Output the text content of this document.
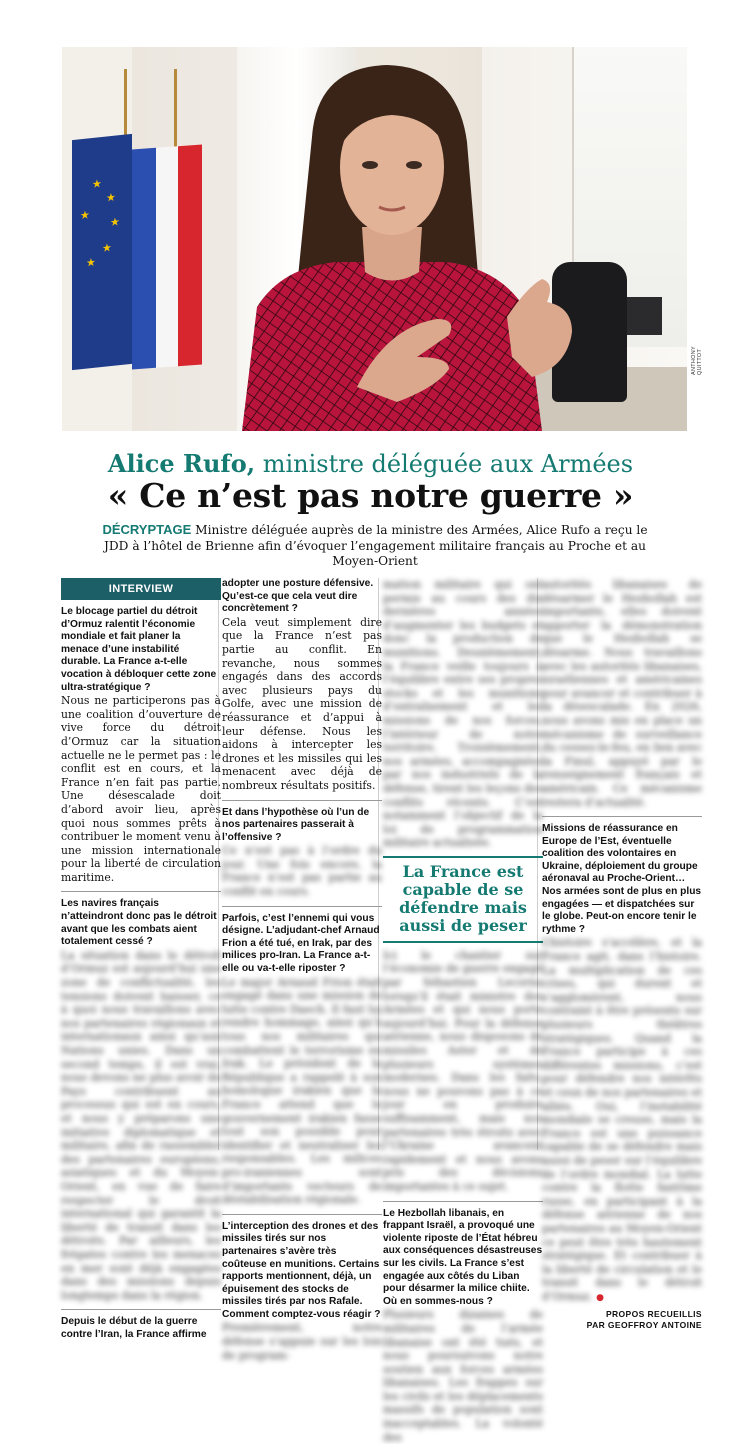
★
★
★
★
★
★
ANTHONY QUITTOT
Alice Rufo, ministre déléguée aux Armées
« Ce n’est pas notre guerre »
DÉCRYPTAGE Ministre déléguée auprès de la ministre des Armées, Alice Rufo a reçu le JDD à l’hôtel de Brienne afin d’évoquer l’engagement militaire français au Proche et au Moyen-Orient
INTERVIEW

Le blocage partiel du détroit d’Ormuz ralentit l’économie mondiale et fait planer la menace d’une instabilité durable. La France a-t-elle vocation à débloquer cette zone ultra-stratégique ?

Nous ne participerons pas à une coalition d’ouverture de vive force du détroit d’Ormuz car la situation actuelle ne le permet pas : le conflit est en cours, et la France n’en fait pas partie. Une désescalade doit d’abord avoir lieu, après quoi nous sommes prêts à contribuer le moment venu à une mission internationale pour la liberté de circulation maritime.

Les navires français n’atteindront donc pas le détroit avant que les combats aient totalement cessé ?

La situation dans le détroit d’Ormuz est aujourd’hui une zone de conflictualité, les tensions doivent baisser, ce à quoi nous travaillons avec nos partenaires régionaux et internationaux ainsi qu’aux Nations unies. Dans un second temps, il est vrai, nous devons ne plus avoir de Pays contribuent au processus qui est en cours, et nous y préparons une initiative diplomatique et militaire, afin de rassembler des partenaires européens, asiatiques et du Moyen-Orient, en vue de faire respecter le droit international qui garantit la liberté de transit dans les détroits. Par ailleurs, les frégates contre les menaces en mer sont déjà engagées dans des missions depuis longtemps dans la région.

Depuis le début de la guerre contre l’Iran, la France affirme

adopter une posture défensive. Qu’est-ce que cela veut dire concrètement ?

Cela veut simplement dire que la France n’est pas partie au conflit. En revanche, nous sommes engagés dans des accords avec plusieurs pays du Golfe, avec une mission de réassurance et d’appui à leur défense. Nous les aidons à intercepter les drones et les missiles qui les menacent avec déjà de nombreux résultats positifs.

Et dans l’hypothèse où l’un de nos partenaires passerait à l’offensive ?

Ce n’est pas à l’ordre du jour. Une fois encore, la France n’est pas partie au conflit en cours.

Parfois, c’est l’ennemi qui vous désigne. L’adjudant-chef Arnaud Frion a été tué, en Irak, par des milices pro-Iran. La France a-t-elle ou va-t-elle riposter ?

Le major Arnaud Frion était engagé dans une mission de lutte contre Daech. Il faut lui rendre hommage, ainsi qu’à tous nos militaires qui combattent le terrorisme en Irak. Le président de la République a rappelé à son homologue irakien que la France attend que le gouvernement irakien fasse tout son possible pour identifier et neutraliser les responsables. Les milices pro-iraniennes sont d’importants vecteurs de déstabilisation régionale.

L’interception des drones et des missiles tirés sur nos partenaires s’avère très coûteuse en munitions. Certains rapports mentionnent, déjà, un épuisement des stocks de missiles tirés par nos Rafale. Comment comptez-vous réagir ?

Premièrement, notre défense s’appuie sur les lois de program-

mation militaire qui ont permis au cours des dix dernières années d’augmenter les budgets et donc la production de munitions. Deuxièmement, la France veille toujours à l’équilibre entre ses propres stocks et les munitions d’entraînement et les missions de nos forces, l’intérieur de notre territoire. Troisièmement, nos armées, accompagnées par nos industriels de la défense, tirent les leçons des conflits récents. C’est notamment l’objectif de la loi de programmation militaire actualisée.

La France est capable de se défendre mais aussi de peser

Ici le chantier sur l’économie de guerre engagé par Sébastien Lecornu lorsqu’il était ministre des Armées et qui nous porte aujourd’hui. Pour la défense aérienne, nous disposons de missiles Aster et de plusieurs systèmes modernes. Dans les faits, nous ne pouvons pas à ce jour en produire suffisamment, mais nos partenaires très étroits avec l’Ukraine avancent rapidement et nous avons pris des décisions importantes à ce sujet.

Le Hezbollah libanais, en frappant Israël, a provoqué une violente riposte de l’État hébreu aux conséquences désastreuses sur les civils. La France s’est engagée aux côtés du Liban pour désarmer la milice chiite. Où en sommes-nous ?

Plusieurs dizaines de militaires de l’armée libanaise ont été tués, et nous poursuivons notre soutien aux forces armées libanaises. Les frappes sur les civils et les déplacements massifs de population sont inacceptables. La volonté des

autorités libanaises de désarmer le Hezbollah est importante, elles doivent apporter la démonstration que le Hezbollah se désarme. Nous travaillons avec les autorités libanaises, israéliennes et américaines pour avancer et contribuer à la désescalade. En 2026, nous avons mis en place un mécanisme de surveillance du cessez-le-feu, en lien avec la Finul, appuyé par le renseignement français et américain. Ce mécanisme restera d’actualité.

Missions de réassurance en Europe de l’Est, éventuelle coalition des volontaires en Ukraine, déploiement du groupe aéronaval au Proche-Orient… Nos armées sont de plus en plus engagées — et dispatchées sur le globe. Peut-on encore tenir le rythme ?

L’histoire s’accélère, et la France agit, dans l’histoire. La multiplication de ces crises, qui durent et s’agglomèrent, nous contraint à être présents sur plusieurs théâtres stratégiques. Quand la France participe à ces différentes missions, c’est pour défendre nos intérêts et ceux de nos partenaires et alliés. Oui, l’instabilité mondiale se creuse, mais la France est une puissance capable de se défendre mais aussi de peser sur l’équilibre de l’ordre mondial. La lutte contre la flotte fantôme russe, en participant à la défense aérienne de nos partenaires au Moyen-Orient ce peut être très hautement stratégique. Et contribuer à la liberté de circulation et le transit dans le détroit d’Ormuz. ●

PROPOS RECUEILLIS
PAR GEOFFROY ANTOINE
